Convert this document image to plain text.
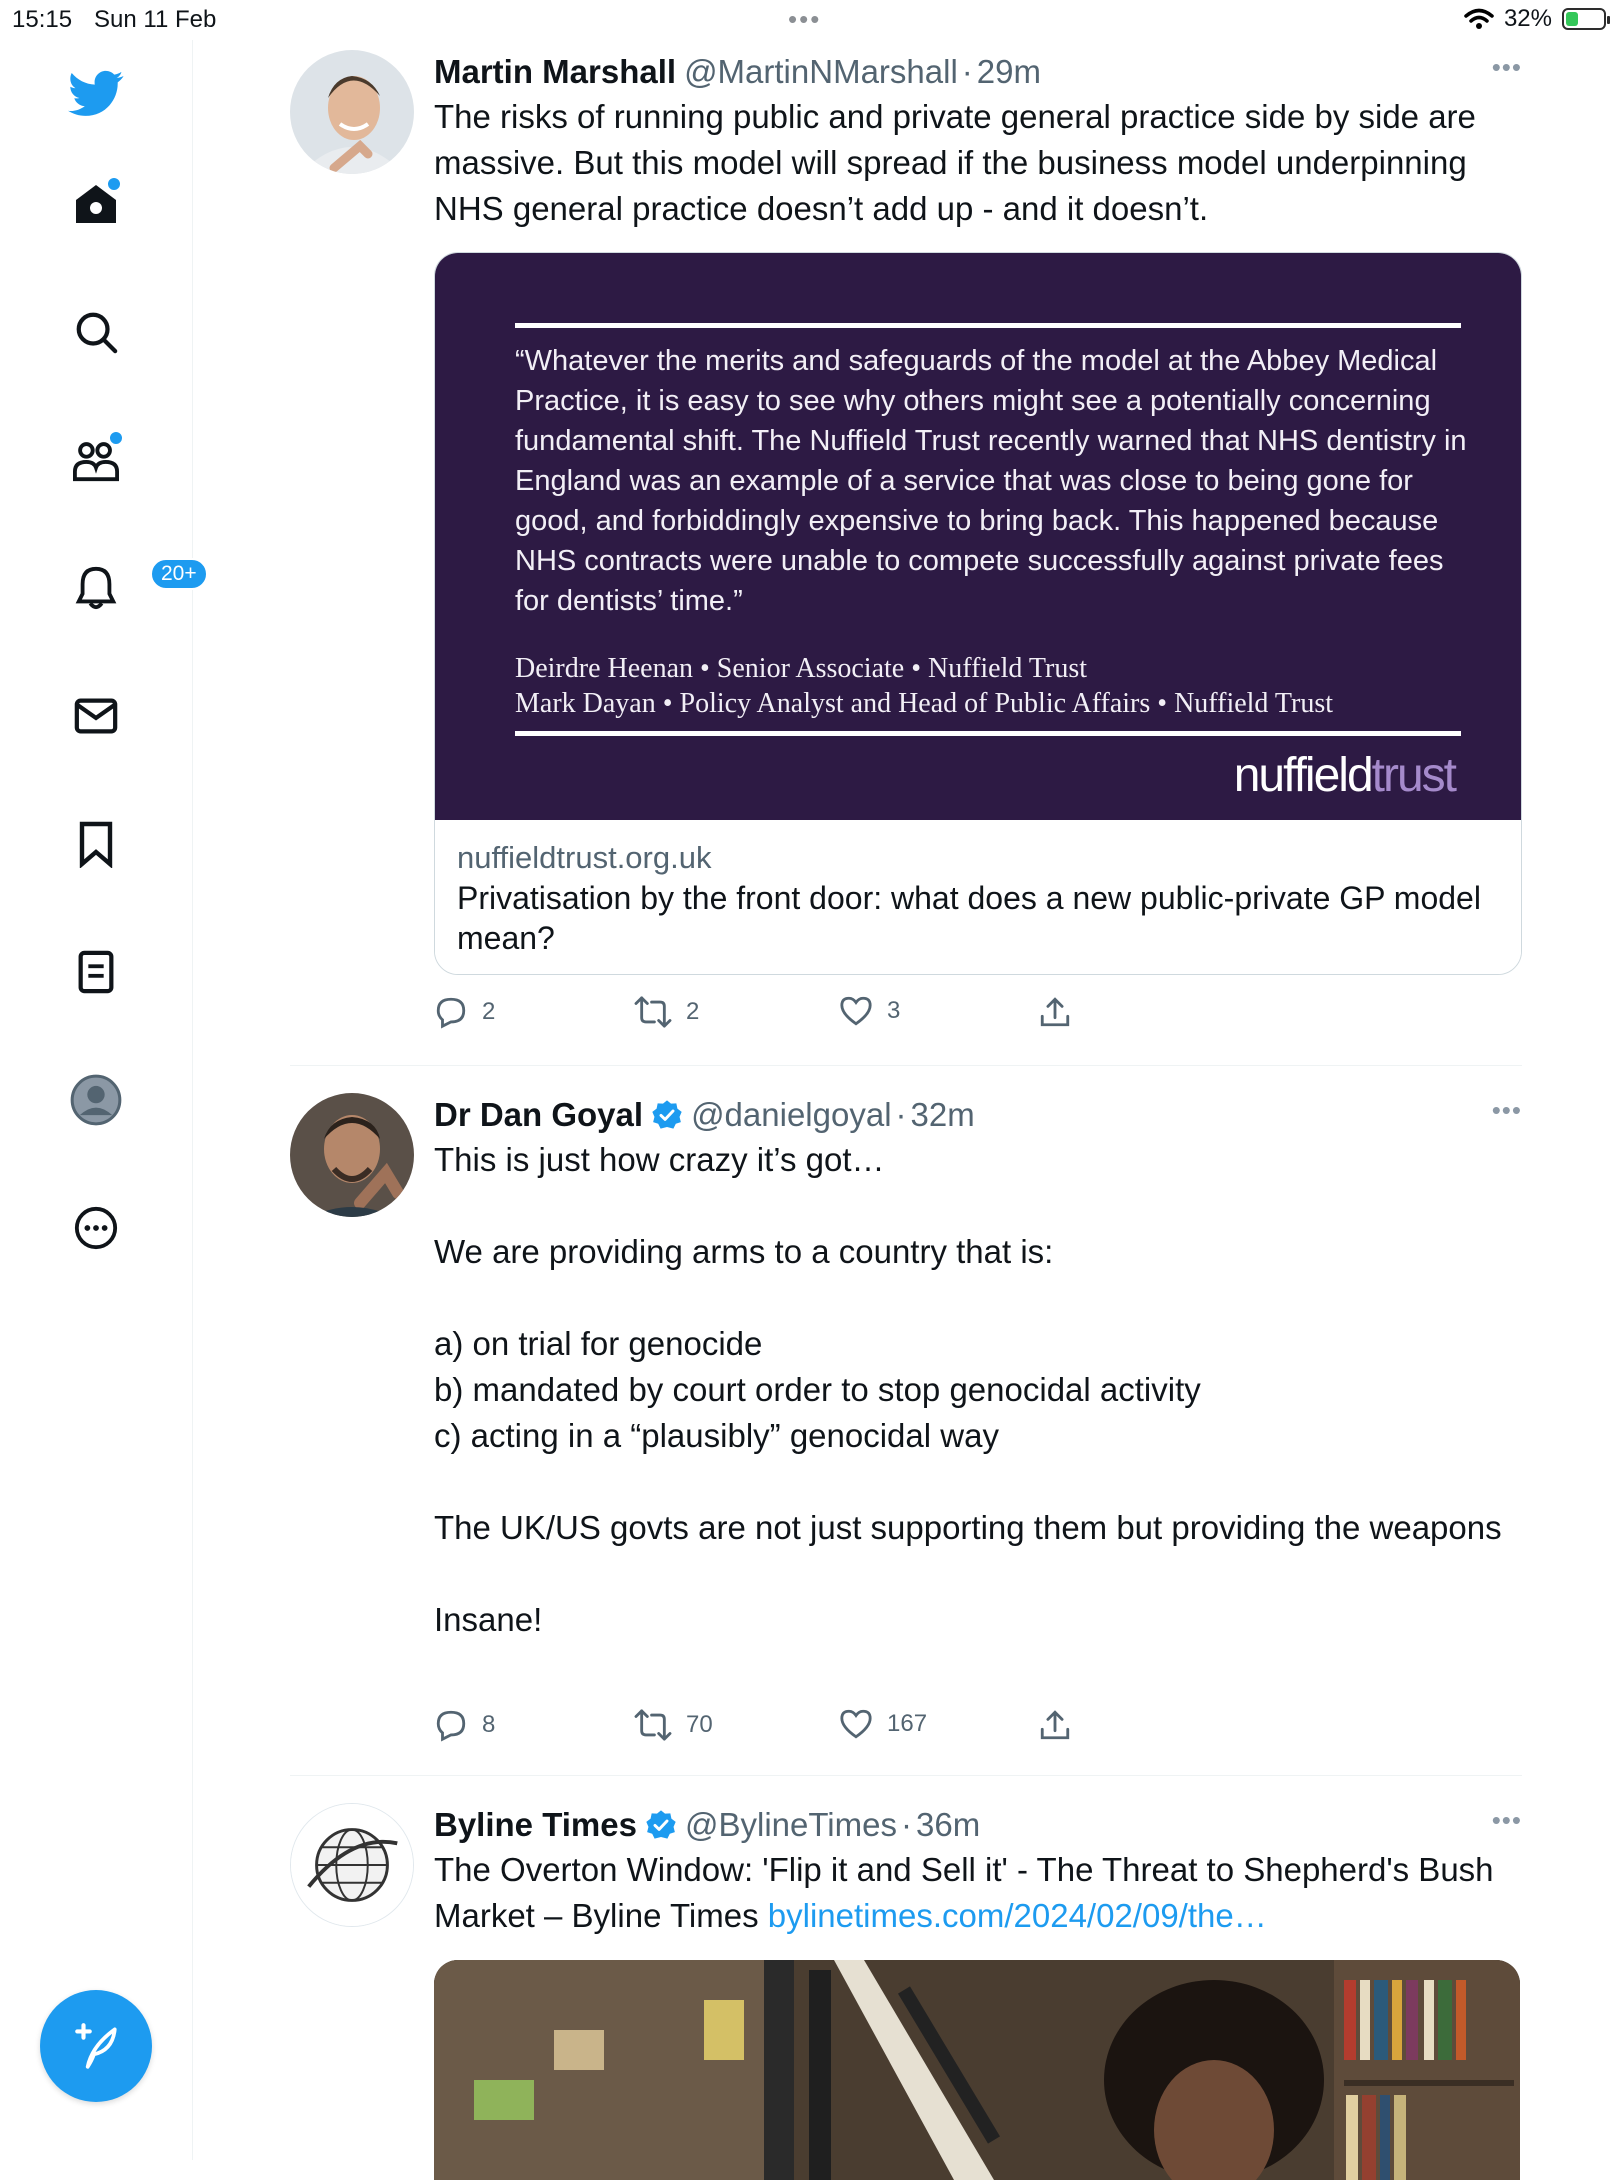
15:15 Sun 11 Feb	•••	32%
20+
Martin Marshall @MartinNMarshall · 29m	•••
The risks of running public and private general practice side by side are massive. But this model will spread if the business model underpinning NHS general practice doesn’t add up - and it doesn’t.
“Whatever the merits and safeguards of the model at the Abbey Medical Practice, it is easy to see why others might see a potentially concerning fundamental shift. The Nuffield Trust recently warned that NHS dentistry in England was an example of a service that was close to being gone for good, and forbiddingly expensive to bring back. This happened because NHS contracts were unable to compete successfully against private fees for dentists’ time.”
Deirdre Heenan • Senior Associate • Nuffield Trust
Mark Dayan • Policy Analyst and Head of Public Affairs • Nuffield Trust
nuffieldtrust
nuffieldtrust.org.uk
Privatisation by the front door: what does a new public-private GP model mean?
2	2	3
Dr Dan Goyal @danielgoyal · 32m	•••
This is just how crazy it’s got…
We are providing arms to a country that is:
a) on trial for genocide
b) mandated by court order to stop genocidal activity
c) acting in a “plausibly” genocidal way
The UK/US govts are not just supporting them but providing the weapons
Insane!
8	70	167
Byline Times @BylineTimes · 36m	•••
The Overton Window: 'Flip it and Sell it' - The Threat to Shepherd's Bush Market – Byline Times bylinetimes.com/2024/02/09/the…
